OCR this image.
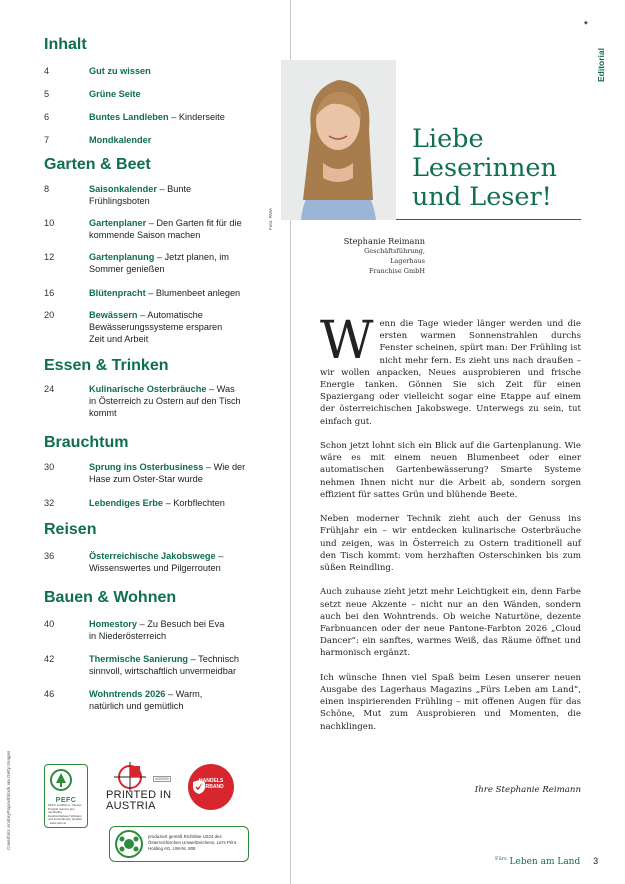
Inhalt
4	Gut zu wissen
5	Grüne Seite
6	Buntes Landleben – Kinderseite
7	Mondkalender
Garten & Beet
8	Saisonkalender – Bunte Frühlingsboten
10	Gartenplaner – Den Garten fit für die kommende Saison machen
12	Gartenplanung – Jetzt planen, im Sommer genießen
16	Blütenpracht – Blumenbeet anlegen
20	Bewässern – Automatische Bewässerungssysteme ersparen Zeit und Arbeit
Essen & Trinken
24	Kulinarische Osterbräuche – Was in Österreich zu Ostern auf den Tisch kommt
Brauchtum
30	Sprung ins Osterbusiness – Wie der Hase zum Oster-Star wurde
32	Lebendiges Erbe – Korbflechten
Reisen
36	Österreichische Jakobswege – Wissenswertes und Pilgerrouten
Bauen & Wohnen
40	Homestory – Zu Besuch bei Eva in Niederösterreich
42	Thermische Sanierung – Technisch sinnvoll, wirtschaftlich unvermeidbar
46	Wohntrends 2026 – Warm, natürlich und gemütlich
Coverfoto: AndreyPopov/iStock via Getty Images
Foto: RWA
PEFC
PEFC zertifiziert · Dieses Produkt stammt aus nachhaltig bewirtschafteten Wäldern und kontrollierten Quellen · www.pefc.at
0000000
PRINTED IN AUSTRIA
HANDELS VERBAND
produziert gemäß Richtlinie UZ24 des Österreichischen Umweltzeichens, Let's Print Holding AG, UW-Nr. 808
◆
Editorial
Liebe Leserinnen und Leser!
Stephanie Reimann
Geschäftsführung,
Lagerhaus
Franchise GmbH

Wenn die Tage wieder länger werden und die ersten warmen Sonnenstrahlen durchs Fenster scheinen, spürt man: Der Frühling ist nicht mehr fern. Es zieht uns nach draußen – wir wollen anpacken, Neues ausprobieren und frische Energie tanken. Gönnen Sie sich Zeit für einen Spaziergang oder vielleicht sogar eine Etappe auf einem der österreichischen Jakobswege. Unterwegs zu sein, tut einfach gut.

Schon jetzt lohnt sich ein Blick auf die Gartenplanung. Wie wäre es mit einem neuen Blumenbeet oder einer automatischen Gartenbewässerung? Smarte Systeme nehmen Ihnen nicht nur die Arbeit ab, sondern sorgen effizient für sattes Grün und blühende Beete.

Neben moderner Technik zieht auch der Genuss ins Frühjahr ein – wir entdecken kulinarische Osterbräuche und zeigen, was in Österreich zu Ostern traditionell auf den Tisch kommt: vom herzhaften Osterschinken bis zum süßen Reindling.

Auch zuhause zieht jetzt mehr Leichtigkeit ein, denn Farbe setzt neue Akzente – nicht nur an den Wänden, sondern auch bei den Wohntrends. Ob weiche Naturtöne, dezente Farbnuancen oder der neue Pantone-Farbton 2026 „Cloud Dancer“: ein sanftes, warmes Weiß, das Räume öffnet und harmonisch ergänzt.

Ich wünsche Ihnen viel Spaß beim Lesen unserer neuen Ausgabe des Lagerhaus Magazins „Fürs Leben am Land“, einen inspirierenden Frühling – mit offenen Augen für das Schöne, Mut zum Ausprobieren und Momenten, die nachklingen.

Ihre Stephanie Reimann
$^{Fürs}$ Leben am Land 3
